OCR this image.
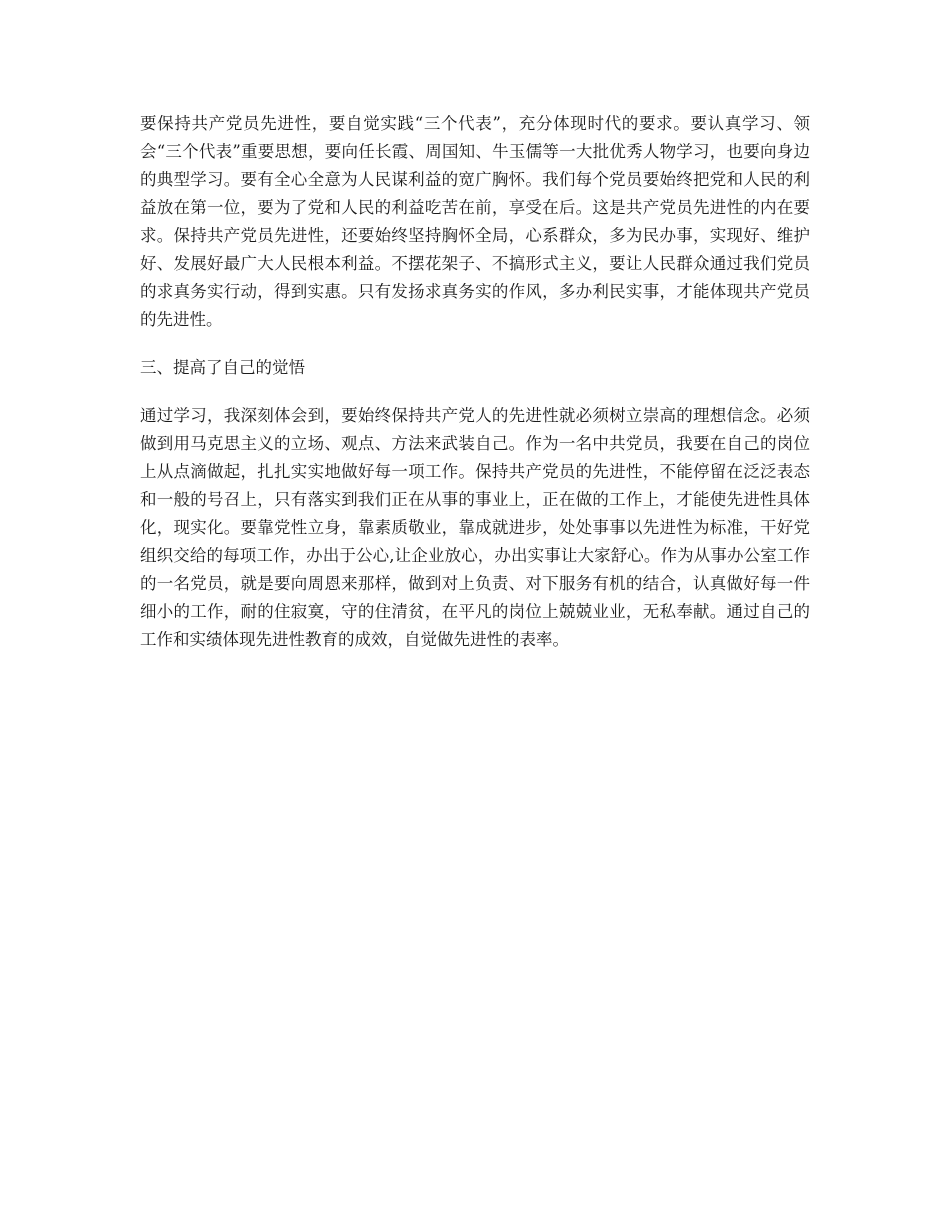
要保持共产党员先进性，要自觉实践“三个代表”，充分体现时代的要求。要认真学习、领会“三个代表”重要思想，要向任长霞、周国知、牛玉儒等一大批优秀人物学习，也要向身边的典型学习。要有全心全意为人民谋利益的宽广胸怀。我们每个党员要始终把党和人民的利益放在第一位，要为了党和人民的利益吃苦在前，享受在后。这是共产党员先进性的内在要求。保持共产党员先进性，还要始终坚持胸怀全局，心系群众，多为民办事，实现好、维护好、发展好最广大人民根本利益。不摆花架子、不搞形式主义，要让人民群众通过我们党员的求真务实行动，得到实惠。只有发扬求真务实的作风，多办利民实事，才能体现共产党员的先进性。

三、提高了自己的觉悟

通过学习，我深刻体会到，要始终保持共产党人的先进性就必须树立崇高的理想信念。必须做到用马克思主义的立场、观点、方法来武装自己。作为一名中共党员，我要在自己的岗位上从点滴做起，扎扎实实地做好每一项工作。保持共产党员的先进性，不能停留在泛泛表态和一般的号召上，只有落实到我们正在从事的事业上，正在做的工作上，才能使先进性具体化，现实化。要靠党性立身，靠素质敬业，靠成就进步，处处事事以先进性为标准，干好党组织交给的每项工作，办出于公心,让企业放心，办出实事让大家舒心。作为从事办公室工作的一名党员，就是要向周恩来那样，做到对上负责、对下服务有机的结合，认真做好每一件细小的工作，耐的住寂寞，守的住清贫，在平凡的岗位上兢兢业业，无私奉献。通过自己的工作和实绩体现先进性教育的成效，自觉做先进性的表率。
